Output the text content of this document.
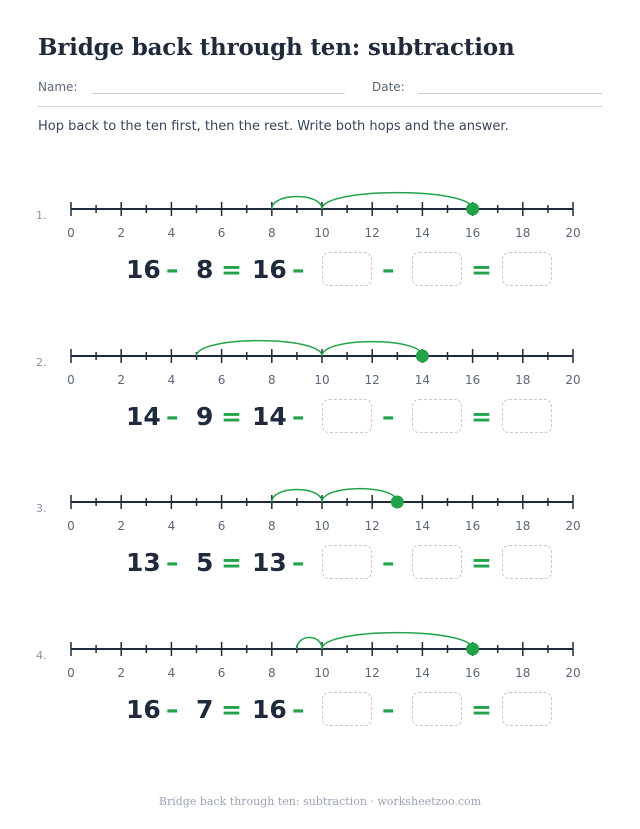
Bridge back through ten: subtraction
Name:	Date:
Hop back to the ten first, then the rest. Write both hops and the answer.
1.
0	2	4	6	8	10	12	14	16	18	20
16 – 8 = 16 –	–	=
2.
0	2	4	6	8	10	12	14	16	18	20
14 – 9 = 14 –	–	=
3.
0	2	4	6	8	10	12	14	16	18	20
13 – 5 = 13 –	–	=
4.
0	2	4	6	8	10	12	14	16	18	20
16 – 7 = 16 –	–	=
Bridge back through ten: subtraction · worksheetzoo.com
